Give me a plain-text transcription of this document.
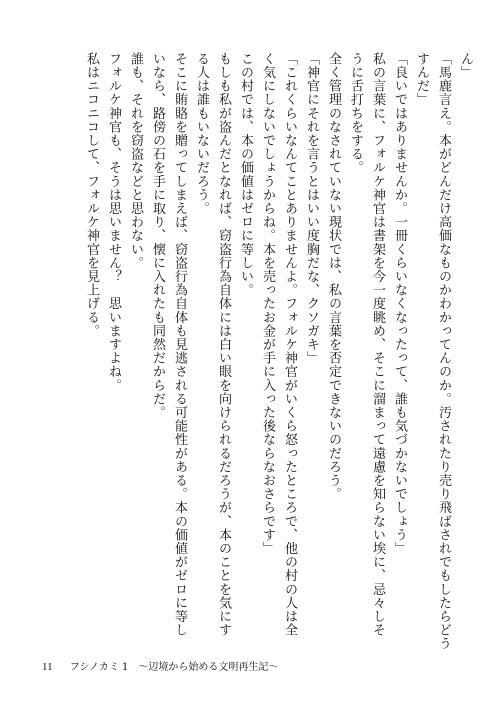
ん」
「馬鹿言え。本がどんだけ高価なものかわかってんのか。汚されたり売り飛ばされでもしたらどう
すんだ」
「良いではありませんか。一冊くらいなくなったって、誰も気づかないでしょう」
私の言葉に、フォルケ神官は書架を今一度眺め、そこに溜まって遠慮を知らない埃に、忌々しそ
うに舌打ちをする。
全く管理のなされていない現状では、私の言葉を否定できないのだろう。
「神官にそれを言うとはいい度胸だな、クソガキ」
「これくらいなんてことありませんよ。フォルケ神官がいくら怒ったところで、他の村の人は全
く気にしないでしょうからね。本を売ったお金が手に入った後ならなおさらです」
この村では、本の価値はゼロに等しい。
もしも私が盗んだとなれば、窃盗行為自体には白い眼を向けられるだろうが、本のことを気にす
る人は誰もいないだろう。
そこに賄賂を贈ってしまえば、窃盗行為自体も見逃される可能性がある。本の価値がゼロに等し
いなら、路傍の石を手に取り、懐に入れたも同然だからだ。
誰も、それを窃盗などと思わない。
フォルケ神官も、そうは思いません？　思いますよね。
私はニコニコして、フォルケ神官を見上げる。
11 フシノカミ 1　〜辺境から始める文明再生記〜
